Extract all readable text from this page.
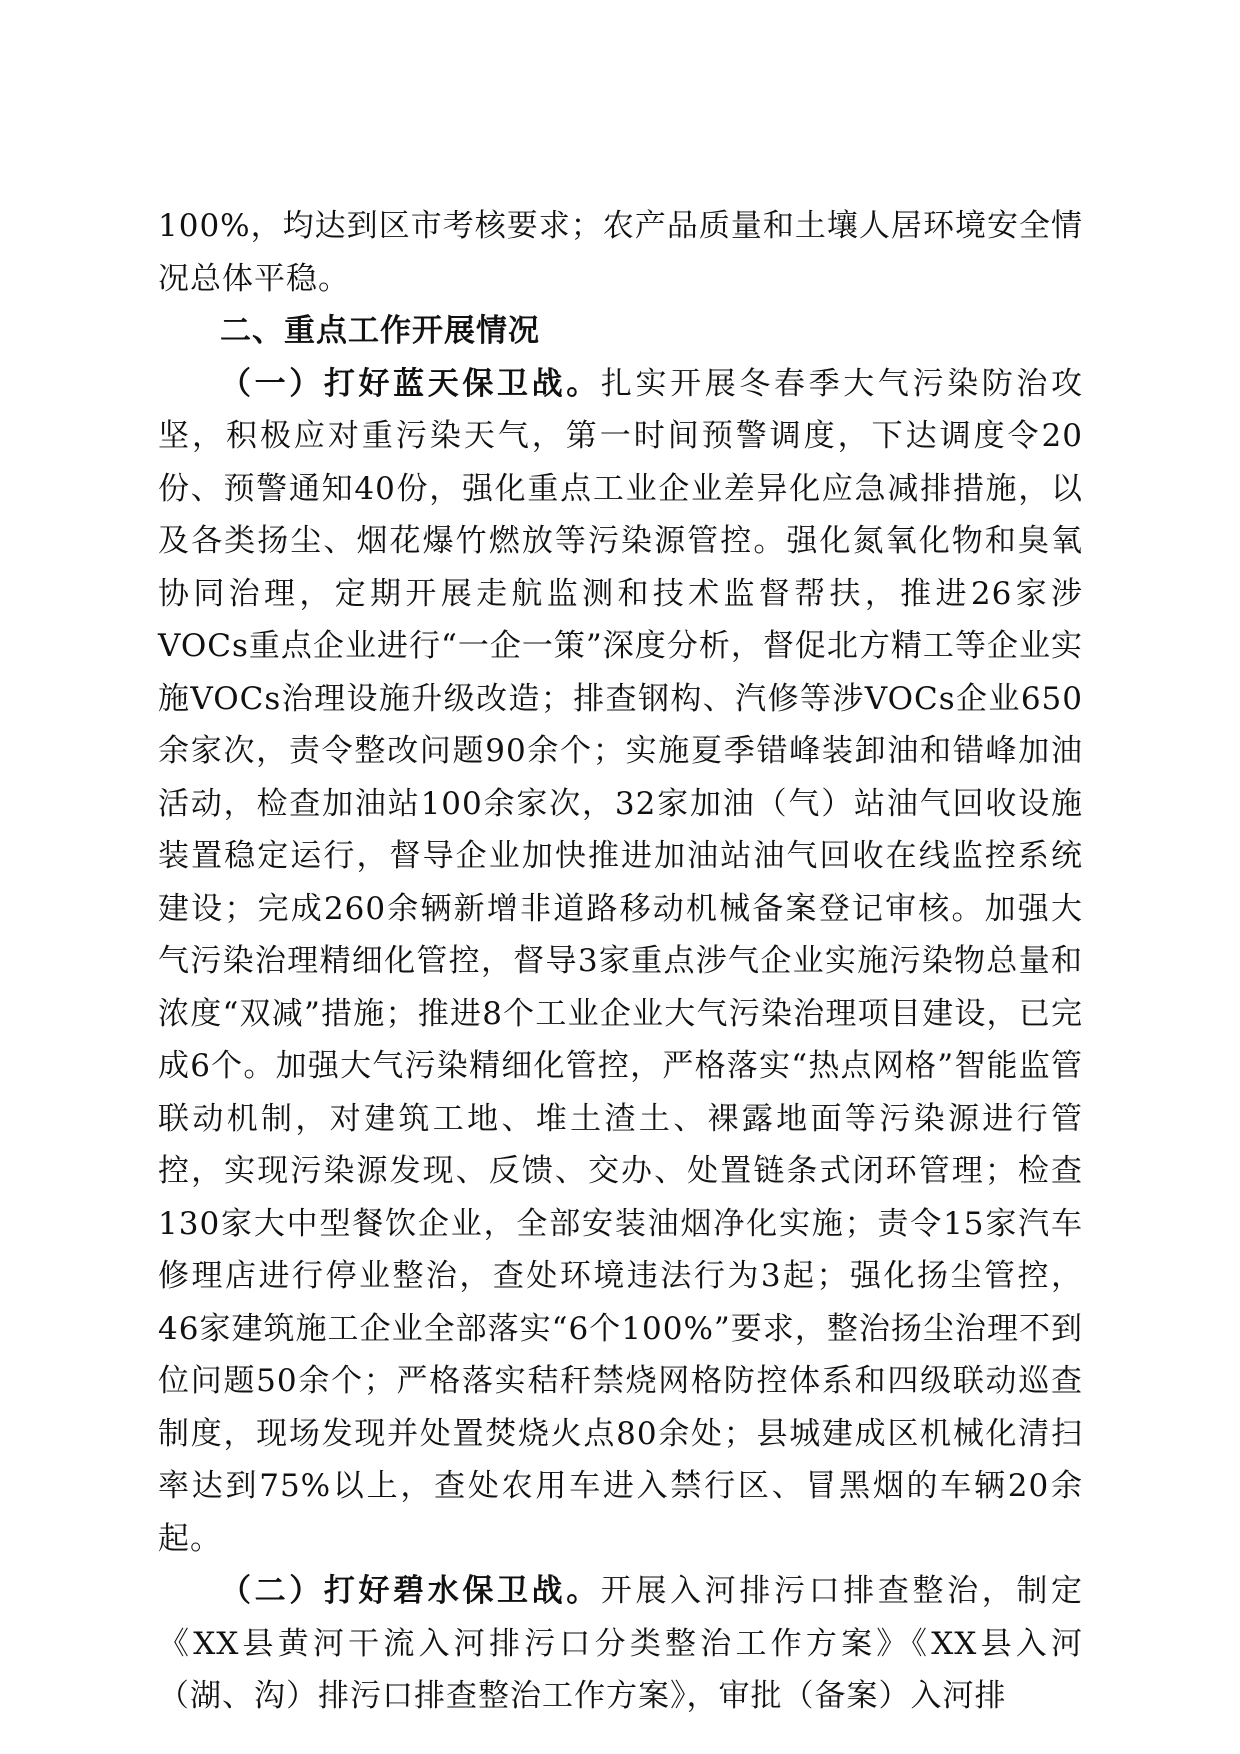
100%，均达到区市考核要求；农产品质量和土壤人居环境安全情况总体平稳。

二、重点工作开展情况

（一）打好蓝天保卫战。扎实开展冬春季大气污染防治攻坚，积极应对重污染天气，第一时间预警调度，下达调度令20份、预警通知40份，强化重点工业企业差异化应急减排措施，以及各类扬尘、烟花爆竹燃放等污染源管控。强化氮氧化物和臭氧协同治理，定期开展走航监测和技术监督帮扶，推进26家涉VOCs重点企业进行“一企一策”深度分析，督促北方精工等企业实施VOCs治理设施升级改造；排查钢构、汽修等涉VOCs企业650余家次，责令整改问题90余个；实施夏季错峰装卸油和错峰加油活动，检查加油站100余家次，32家加油（气）站油气回收设施装置稳定运行，督导企业加快推进加油站油气回收在线监控系统建设；完成260余辆新增非道路移动机械备案登记审核。加强大气污染治理精细化管控，督导3家重点涉气企业实施污染物总量和浓度“双减”措施；推进8个工业企业大气污染治理项目建设，已完成6个。加强大气污染精细化管控，严格落实“热点网格”智能监管联动机制，对建筑工地、堆土渣土、裸露地面等污染源进行管控，实现污染源发现、反馈、交办、处置链条式闭环管理；检查130家大中型餐饮企业，全部安装油烟净化实施；责令15家汽车修理店进行停业整治，查处环境违法行为3起；强化扬尘管控，46家建筑施工企业全部落实“6个100%”要求，整治扬尘治理不到位问题50余个；严格落实秸秆禁烧网格防控体系和四级联动巡查制度，现场发现并处置焚烧火点80余处；县城建成区机械化清扫率达到75%以上，查处农用车进入禁行区、冒黑烟的车辆20余起。

（二）打好碧水保卫战。开展入河排污口排查整治，制定《XX县黄河干流入河排污口分类整治工作方案》《XX县入河（湖、沟）排污口排查整治工作方案》，审批（备案）入河排
